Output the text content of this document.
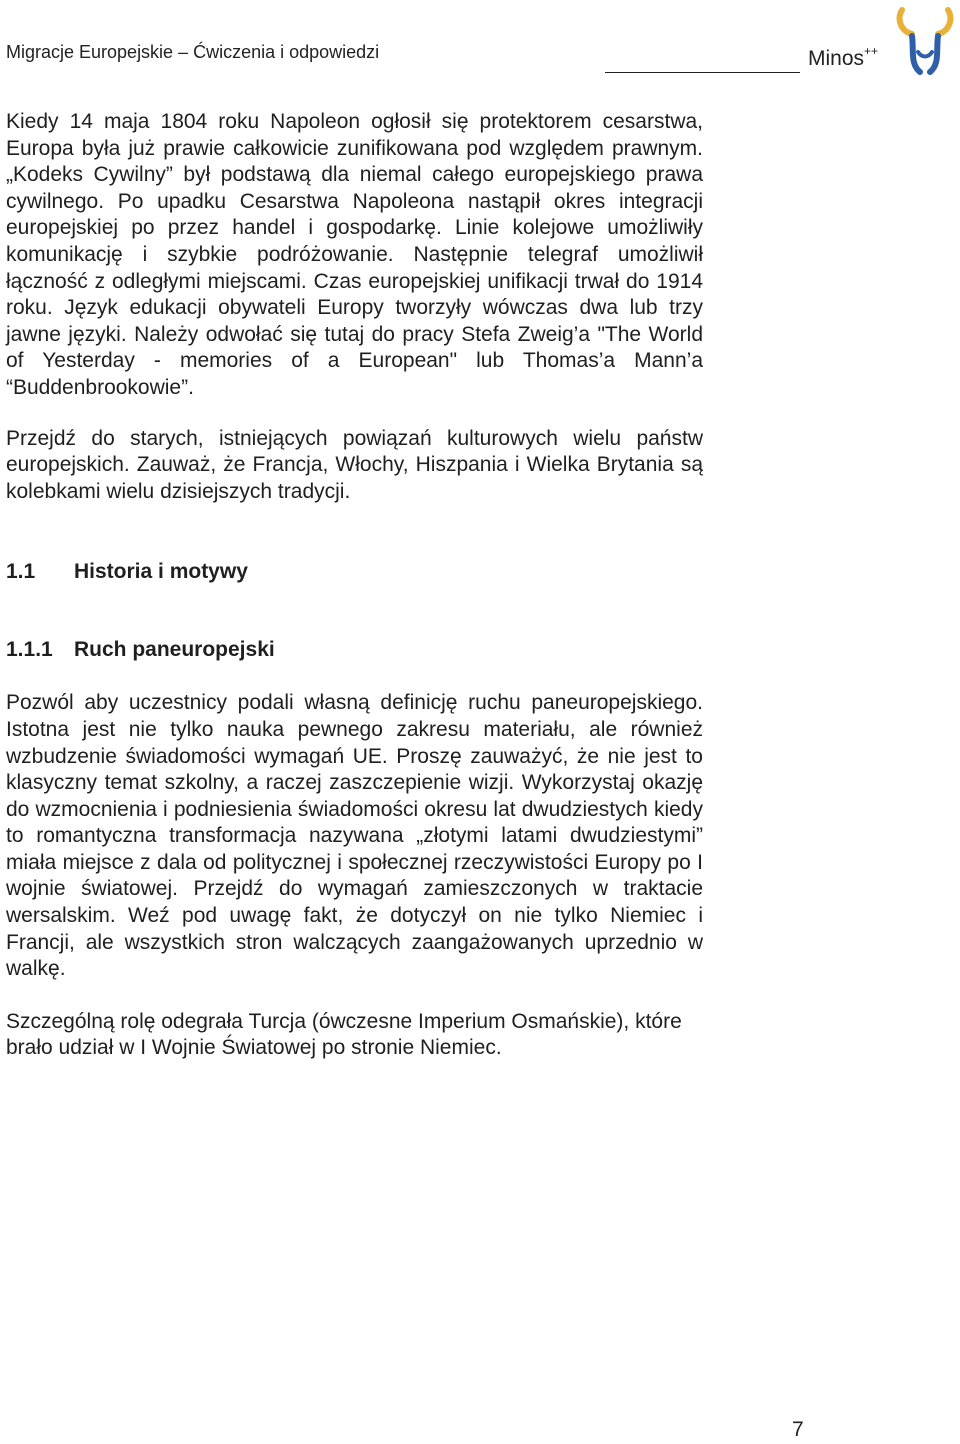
Migracje Europejskie – Ćwiczenia i odpowiedzi	Minos++

Kiedy 14 maja 1804 roku Napoleon ogłosił się protektorem cesarstwa, Europa była już prawie całkowicie zunifikowana pod względem prawnym. „Kodeks Cywilny” był podstawą dla niemal całego europejskiego prawa cywilnego. Po upadku Cesarstwa Napoleona nastąpił okres integracji europejskiej po przez handel i gospodarkę. Linie kolejowe umożliwiły komunikację i szybkie podróżowanie. Następnie telegraf umożliwił łączność z odległymi miejscami. Czas europejskiej unifikacji trwał do 1914 roku. Język edukacji obywateli Europy tworzyły wówczas dwa lub trzy jawne języki. Należy odwołać się tutaj do pracy Stefa Zweig’a "The World of Yesterday - memories of a European" lub Thomas’a Mann’a “Buddenbrookowie”.

Przejdź do starych, istniejących powiązań kulturowych wielu państw europejskich. Zauważ, że Francja, Włochy, Hiszpania i Wielka Brytania są kolebkami wielu dzisiejszych tradycji.

1.1 Historia i motywy
1.1.1 Ruch paneuropejski

Pozwól aby uczestnicy podali własną definicję ruchu paneuropejskiego. Istotna jest nie tylko nauka pewnego zakresu materiału, ale również wzbudzenie świadomości wymagań UE. Proszę zauważyć, że nie jest to klasyczny temat szkolny, a raczej zaszczepienie wizji. Wykorzystaj okazję do wzmocnienia i podniesienia świadomości okresu lat dwudziestych kiedy to romantyczna transformacja nazywana „złotymi latami dwudziestymi” miała miejsce z dala od politycznej i społecznej rzeczywistości Europy po I wojnie światowej. Przejdź do wymagań zamieszczonych w traktacie wersalskim. Weź pod uwagę fakt, że dotyczył on nie tylko Niemiec i Francji, ale wszystkich stron walczących zaangażowanych uprzednio w walkę.

Szczególną rolę odegrała Turcja (ówczesne Imperium Osmańskie), które brało udział w I Wojnie Światowej po stronie Niemiec.

7
